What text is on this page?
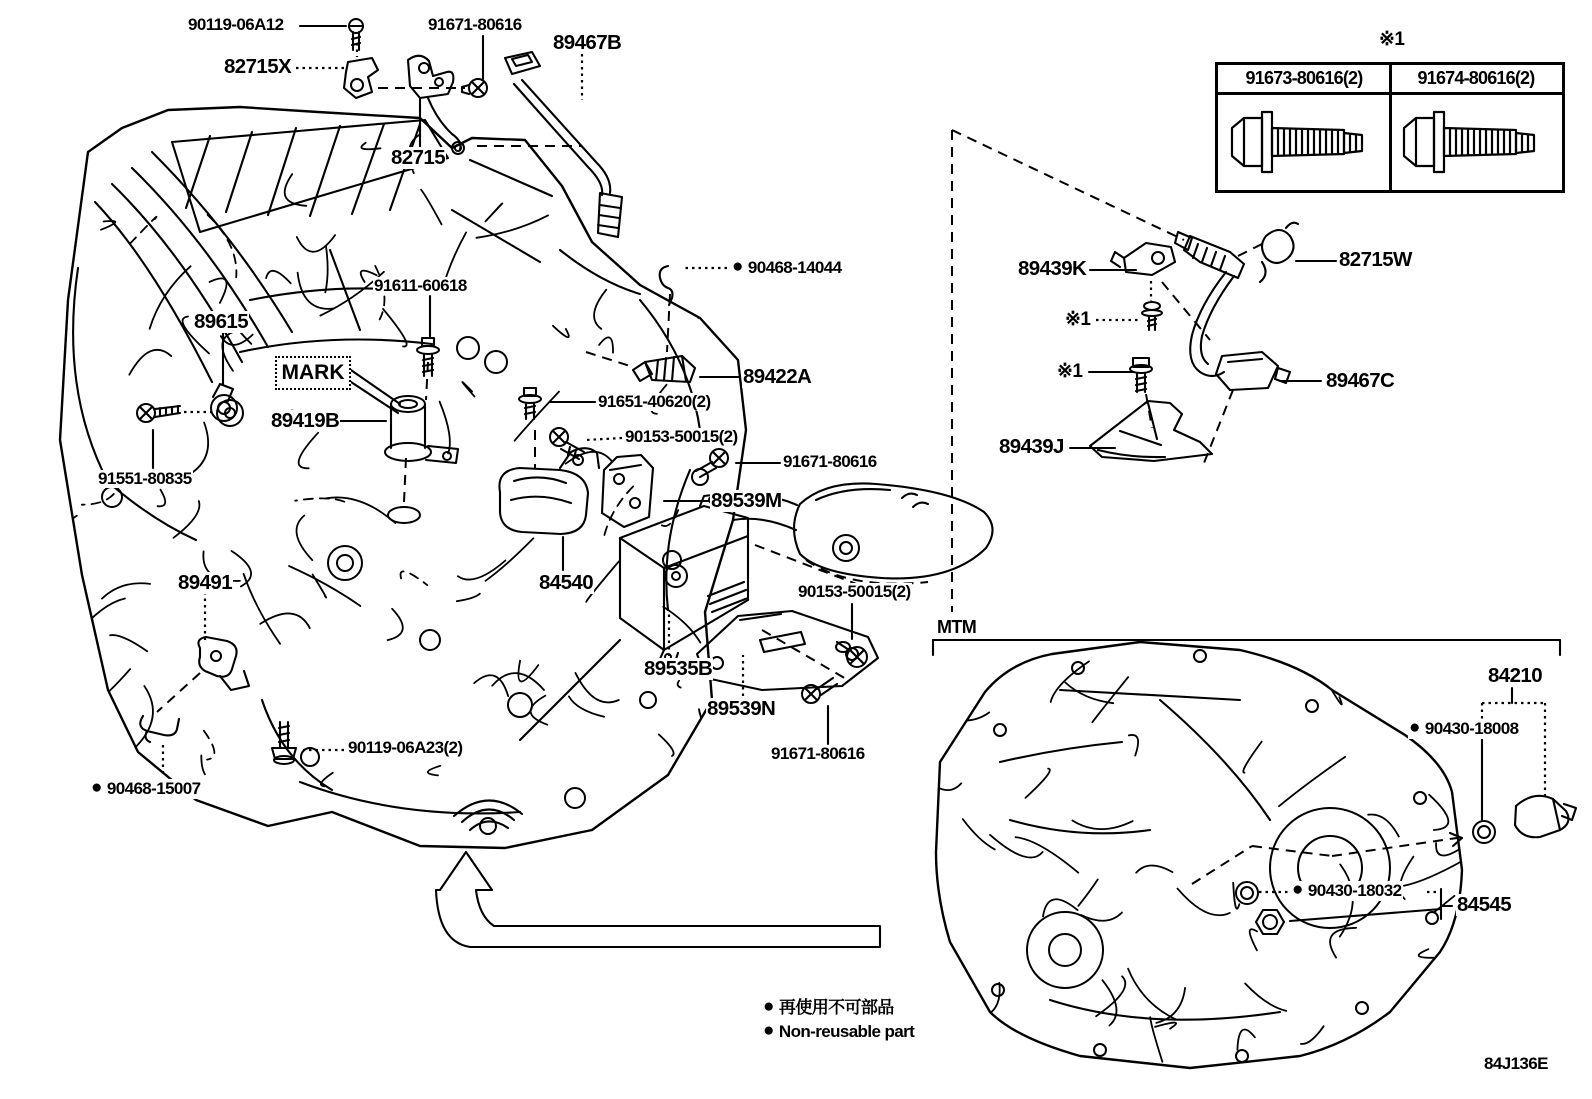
90119-06A12	91671-80616
89467B
82715X
82715
91611-60618
89615
89419B
91551-80835
89491
● 90468-15007
● 90468-14044
89422A
91651-40620(2)
90153-50015(2)
91671-80616
89539M
84540
89535B
89539N
90153-50015(2)
91671-80616
90119-06A23(2)
※1
89439K	82715W
※1
※1	89467C
89439J
MTM
84210
● 90430-18008
● 90430-18032
84545
● 再使用不可部品
● Non-reusable part
84J136E
MARK
91673-80616(2)	91674-80616(2)
